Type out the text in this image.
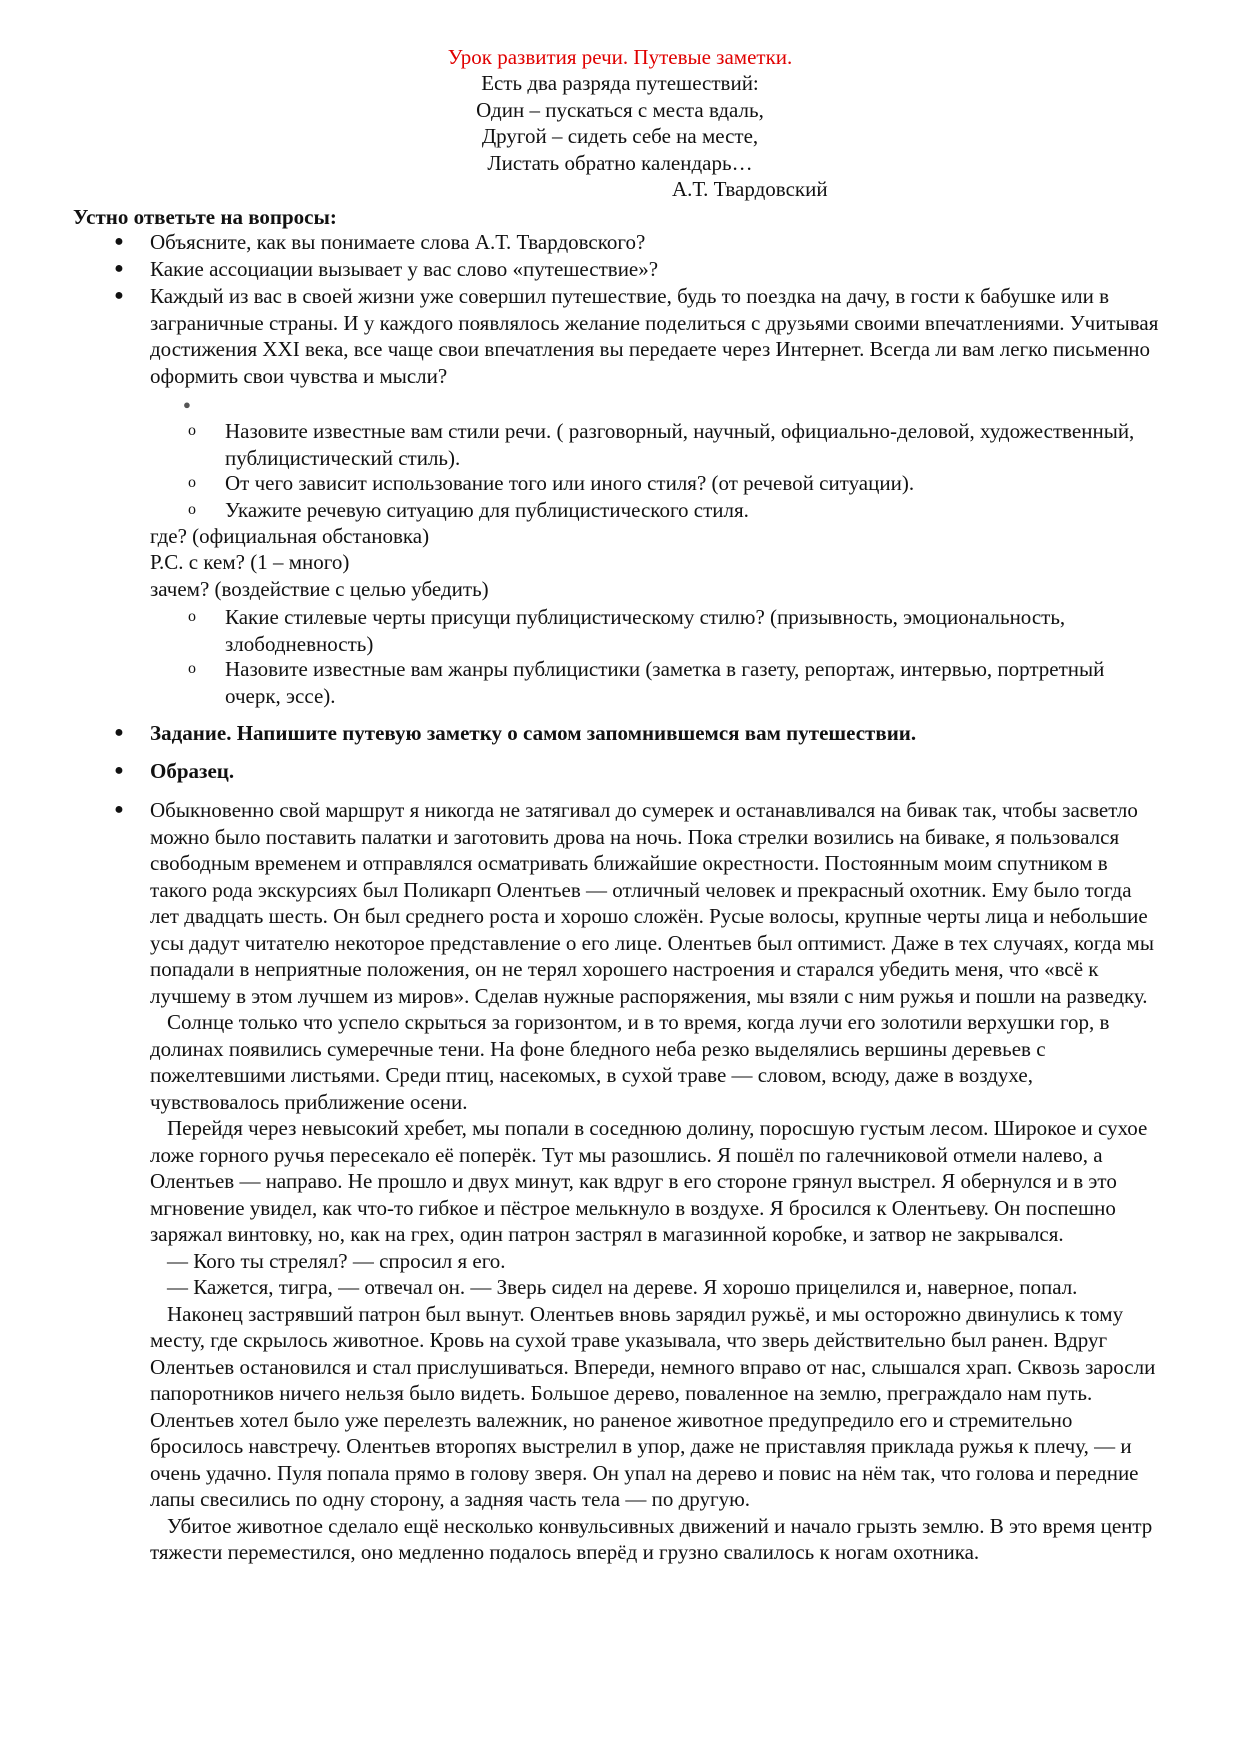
Урок развития речи. Путевые заметки.
Есть два разряда путешествий:
Один – пускаться с места вдаль,
Другой – сидеть себе на месте,
Листать обратно календарь…
А.Т. Твардовский
Устно ответьте на вопросы:
● Объясните, как вы понимаете слова А.Т. Твардовского?
● Какие ассоциации вызывает у вас слово «путешествие»?
● Каждый из вас в своей жизни уже совершил путешествие, будь то поездка на дачу, в гости к бабушке или в заграничные страны. И у каждого появлялось желание поделиться с друзьями своими впечатлениями. Учитывая достижения XXI века, все чаще свои впечатления вы передаете через Интернет. Всегда ли вам легко письменно оформить свои чувства и мысли?
●
o Назовите известные вам стили речи. ( разговорный, научный, официально-деловой, художественный, публицистический стиль).
o От чего зависит использование того или иного стиля? (от речевой ситуации).
o Укажите речевую ситуацию для публицистического стиля.
где? (официальная обстановка)
Р.С. с кем? (1 – много)
зачем? (воздействие с целью убедить)
o Какие стилевые черты присущи публицистическому стилю? (призывность, эмоциональность, злободневность)
o Назовите известные вам жанры публицистики (заметка в газету, репортаж, интервью, портретный очерк, эссе).
● Задание. Напишите путевую заметку о самом запомнившемся вам путешествии.
● Образец.
● Обыкновенно свой маршрут я никогда не затягивал до сумерек и останавливался на бивак так, чтобы засветло можно было поставить палатки и заготовить дрова на ночь. Пока стрелки возились на биваке, я пользовался свободным временем и отправлялся осматривать ближайшие окрестности. Постоянным моим спутником в такого рода экскурсиях был Поликарп Олентьев — отличный человек и прекрасный охотник. Ему было тогда лет двадцать шесть. Он был среднего роста и хорошо сложён. Русые волосы, крупные черты лица и небольшие усы дадут читателю некоторое представление о его лице. Олентьев был оптимист. Даже в тех случаях, когда мы попадали в неприятные положения, он не терял хорошего настроения и старался убедить меня, что «всё к лучшему в этом лучшем из миров». Сделав нужные распоряжения, мы взяли с ним ружья и пошли на разведку.

Солнце только что успело скрыться за горизонтом, и в то время, когда лучи его золотили верхушки гор, в долинах появились сумеречные тени. На фоне бледного неба резко выделялись вершины деревьев с пожелтевшими листьями. Среди птиц, насекомых, в сухой траве — словом, всюду, даже в воздухе, чувствовалось приближение осени.

Перейдя через невысокий хребет, мы попали в соседнюю долину, поросшую густым лесом. Широкое и сухое ложе горного ручья пересекало её поперёк. Тут мы разошлись. Я пошёл по галечниковой отмели налево, а Олентьев — направо. Не прошло и двух минут, как вдруг в его стороне грянул выстрел. Я обернулся и в это мгновение увидел, как что-то гибкое и пёстрое мелькнуло в воздухе. Я бросился к Олентьеву. Он поспешно заряжал винтовку, но, как на грех, один патрон застрял в магазинной коробке, и затвор не закрывался.

— Кого ты стрелял? — спросил я его.

— Кажется, тигра, — отвечал он. — Зверь сидел на дереве. Я хорошо прицелился и, наверное, попал.

Наконец застрявший патрон был вынут. Олентьев вновь зарядил ружьё, и мы осторожно двинулись к тому месту, где скрылось животное. Кровь на сухой траве указывала, что зверь действительно был ранен. Вдруг Олентьев остановился и стал прислушиваться. Впереди, немного вправо от нас, слышался храп. Сквозь заросли папоротников ничего нельзя было видеть. Большое дерево, поваленное на землю, преграждало нам путь. Олентьев хотел было уже перелезть валежник, но раненое животное предупредило его и стремительно бросилось навстречу. Олентьев второпях выстрелил в упор, даже не приставляя приклада ружья к плечу, — и очень удачно. Пуля попала прямо в голову зверя. Он упал на дерево и повис на нём так, что голова и передние лапы свесились по одну сторону, а задняя часть тела — по другую.

Убитое животное сделало ещё несколько конвульсивных движений и начало грызть землю. В это время центр тяжести переместился, оно медленно подалось вперёд и грузно свалилось к ногам охотника.
